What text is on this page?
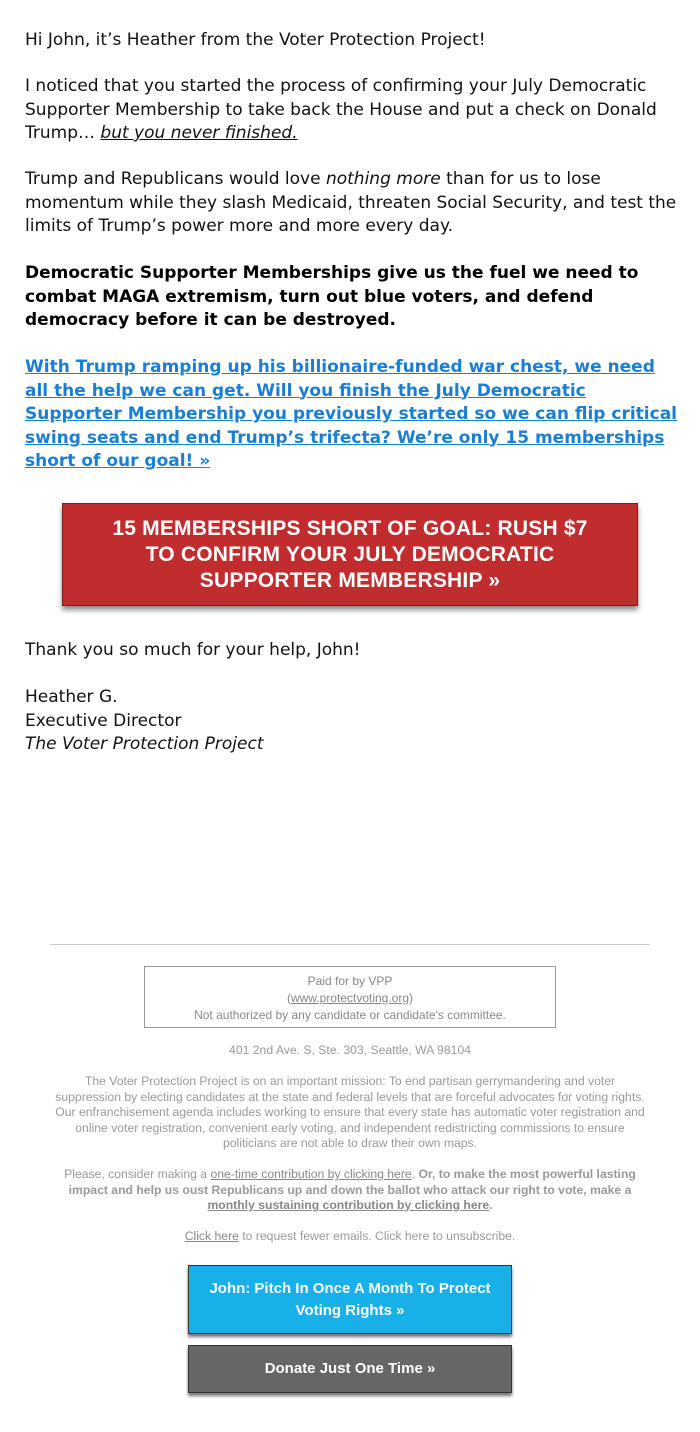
Hi John, it’s Heather from the Voter Protection Project!

I noticed that you started the process of confirming your July Democratic Supporter Membership to take back the House and put a check on Donald Trump… but you never finished.

Trump and Republicans would love nothing more than for us to lose momentum while they slash Medicaid, threaten Social Security, and test the limits of Trump’s power more and more every day.

Democratic Supporter Memberships give us the fuel we need to combat MAGA extremism, turn out blue voters, and defend democracy before it can be destroyed.

With Trump ramping up his billionaire-funded war chest, we need all the help we can get. Will you finish the July Democratic Supporter Membership you previously started so we can flip critical swing seats and end Trump’s trifecta? We’re only 15 memberships short of our goal! »

15 MEMBERSHIPS SHORT OF GOAL: RUSH $7 TO CONFIRM YOUR JULY DEMOCRATIC SUPPORTER MEMBERSHIP »

Thank you so much for your help, John!

Heather G.
Executive Director
The Voter Protection Project

Paid for by VPP
(www.protectvoting.org)
Not authorized by any candidate or candidate's committee.

401 2nd Ave. S, Ste. 303, Seattle, WA 98104

The Voter Protection Project is on an important mission: To end partisan gerrymandering and voter suppression by electing candidates at the state and federal levels that are forceful advocates for voting rights. Our enfranchisement agenda includes working to ensure that every state has automatic voter registration and online voter registration, convenient early voting, and independent redistricting commissions to ensure politicians are not able to draw their own maps.

Please, consider making a one-time contribution by clicking here. Or, to make the most powerful lasting impact and help us oust Republicans up and down the ballot who attack our right to vote, make a monthly sustaining contribution by clicking here.

Click here to request fewer emails. Click here to unsubscribe.

John: Pitch In Once A Month To Protect Voting Rights »
Donate Just One Time »
